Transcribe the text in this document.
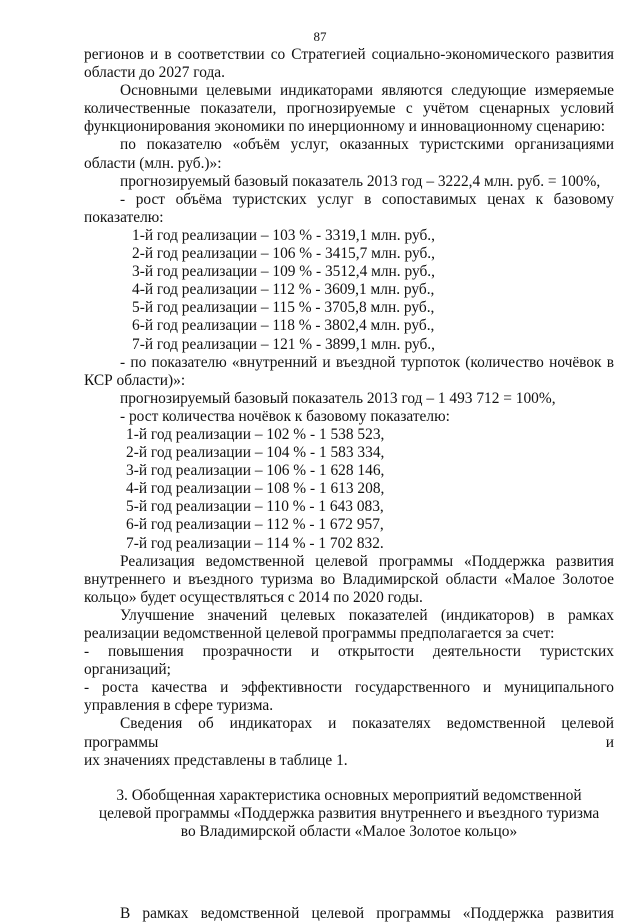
87

регионов и в соответствии со Стратегией социально-экономического развития

области до 2027 года.

Основными целевыми индикаторами являются следующие измеряемые

количественные показатели, прогнозируемые с учётом сценарных условий

функционирования экономики по инерционному и инновационному сценарию:

по показателю «объём услуг, оказанных туристскими организациями

области (млн. руб.)»:

прогнозируемый базовый показатель 2013 год – 3222,4 млн. руб. = 100%,

- рост объёма туристских услуг в сопоставимых ценах к базовому

показателю:

1-й год реализации – 103 % - 3319,1 млн. руб.,

2-й год реализации – 106 % - 3415,7 млн. руб.,

3-й год реализации – 109 % - 3512,4 млн. руб.,

4-й год реализации – 112 % - 3609,1 млн. руб.,

5-й год реализации – 115 % - 3705,8 млн. руб.,

6-й год реализации – 118 % - 3802,4 млн. руб.,

7-й год реализации – 121 % - 3899,1 млн. руб.,

- по показателю «внутренний и въездной турпоток (количество ночёвок в

КСР области)»:

прогнозируемый базовый показатель 2013 год – 1 493 712 = 100%,

- рост количества ночёвок к базовому показателю:

1-й год реализации – 102 % - 1 538 523,

2-й год реализации – 104 % - 1 583 334,

3-й год реализации – 106 % - 1 628 146,

4-й год реализации – 108 % - 1 613 208,

5-й год реализации – 110 % - 1 643 083,

6-й год реализации – 112 % - 1 672 957,

7-й год реализации – 114 % - 1 702 832.

Реализация ведомственной целевой программы «Поддержка развития

внутреннего и въездного туризма во Владимирской области «Малое Золотое

кольцо» будет осуществляться с 2014 по 2020 годы.

Улучшение значений целевых показателей (индикаторов) в рамках

реализации ведомственной целевой программы предполагается за счет:

- повышения прозрачности и открытости деятельности туристских

организаций;

- роста качества и эффективности государственного и муниципального

управления в сфере туризма.

Сведения об индикаторах и показателях ведомственной целевой программы и

их значениях представлены в таблице 1.

3. Обобщенная характеристика основных мероприятий ведомственной

целевой программы «Поддержка развития внутреннего и въездного туризма

во Владимирской области «Малое Золотое кольцо»

В рамках ведомственной целевой программы «Поддержка развития
